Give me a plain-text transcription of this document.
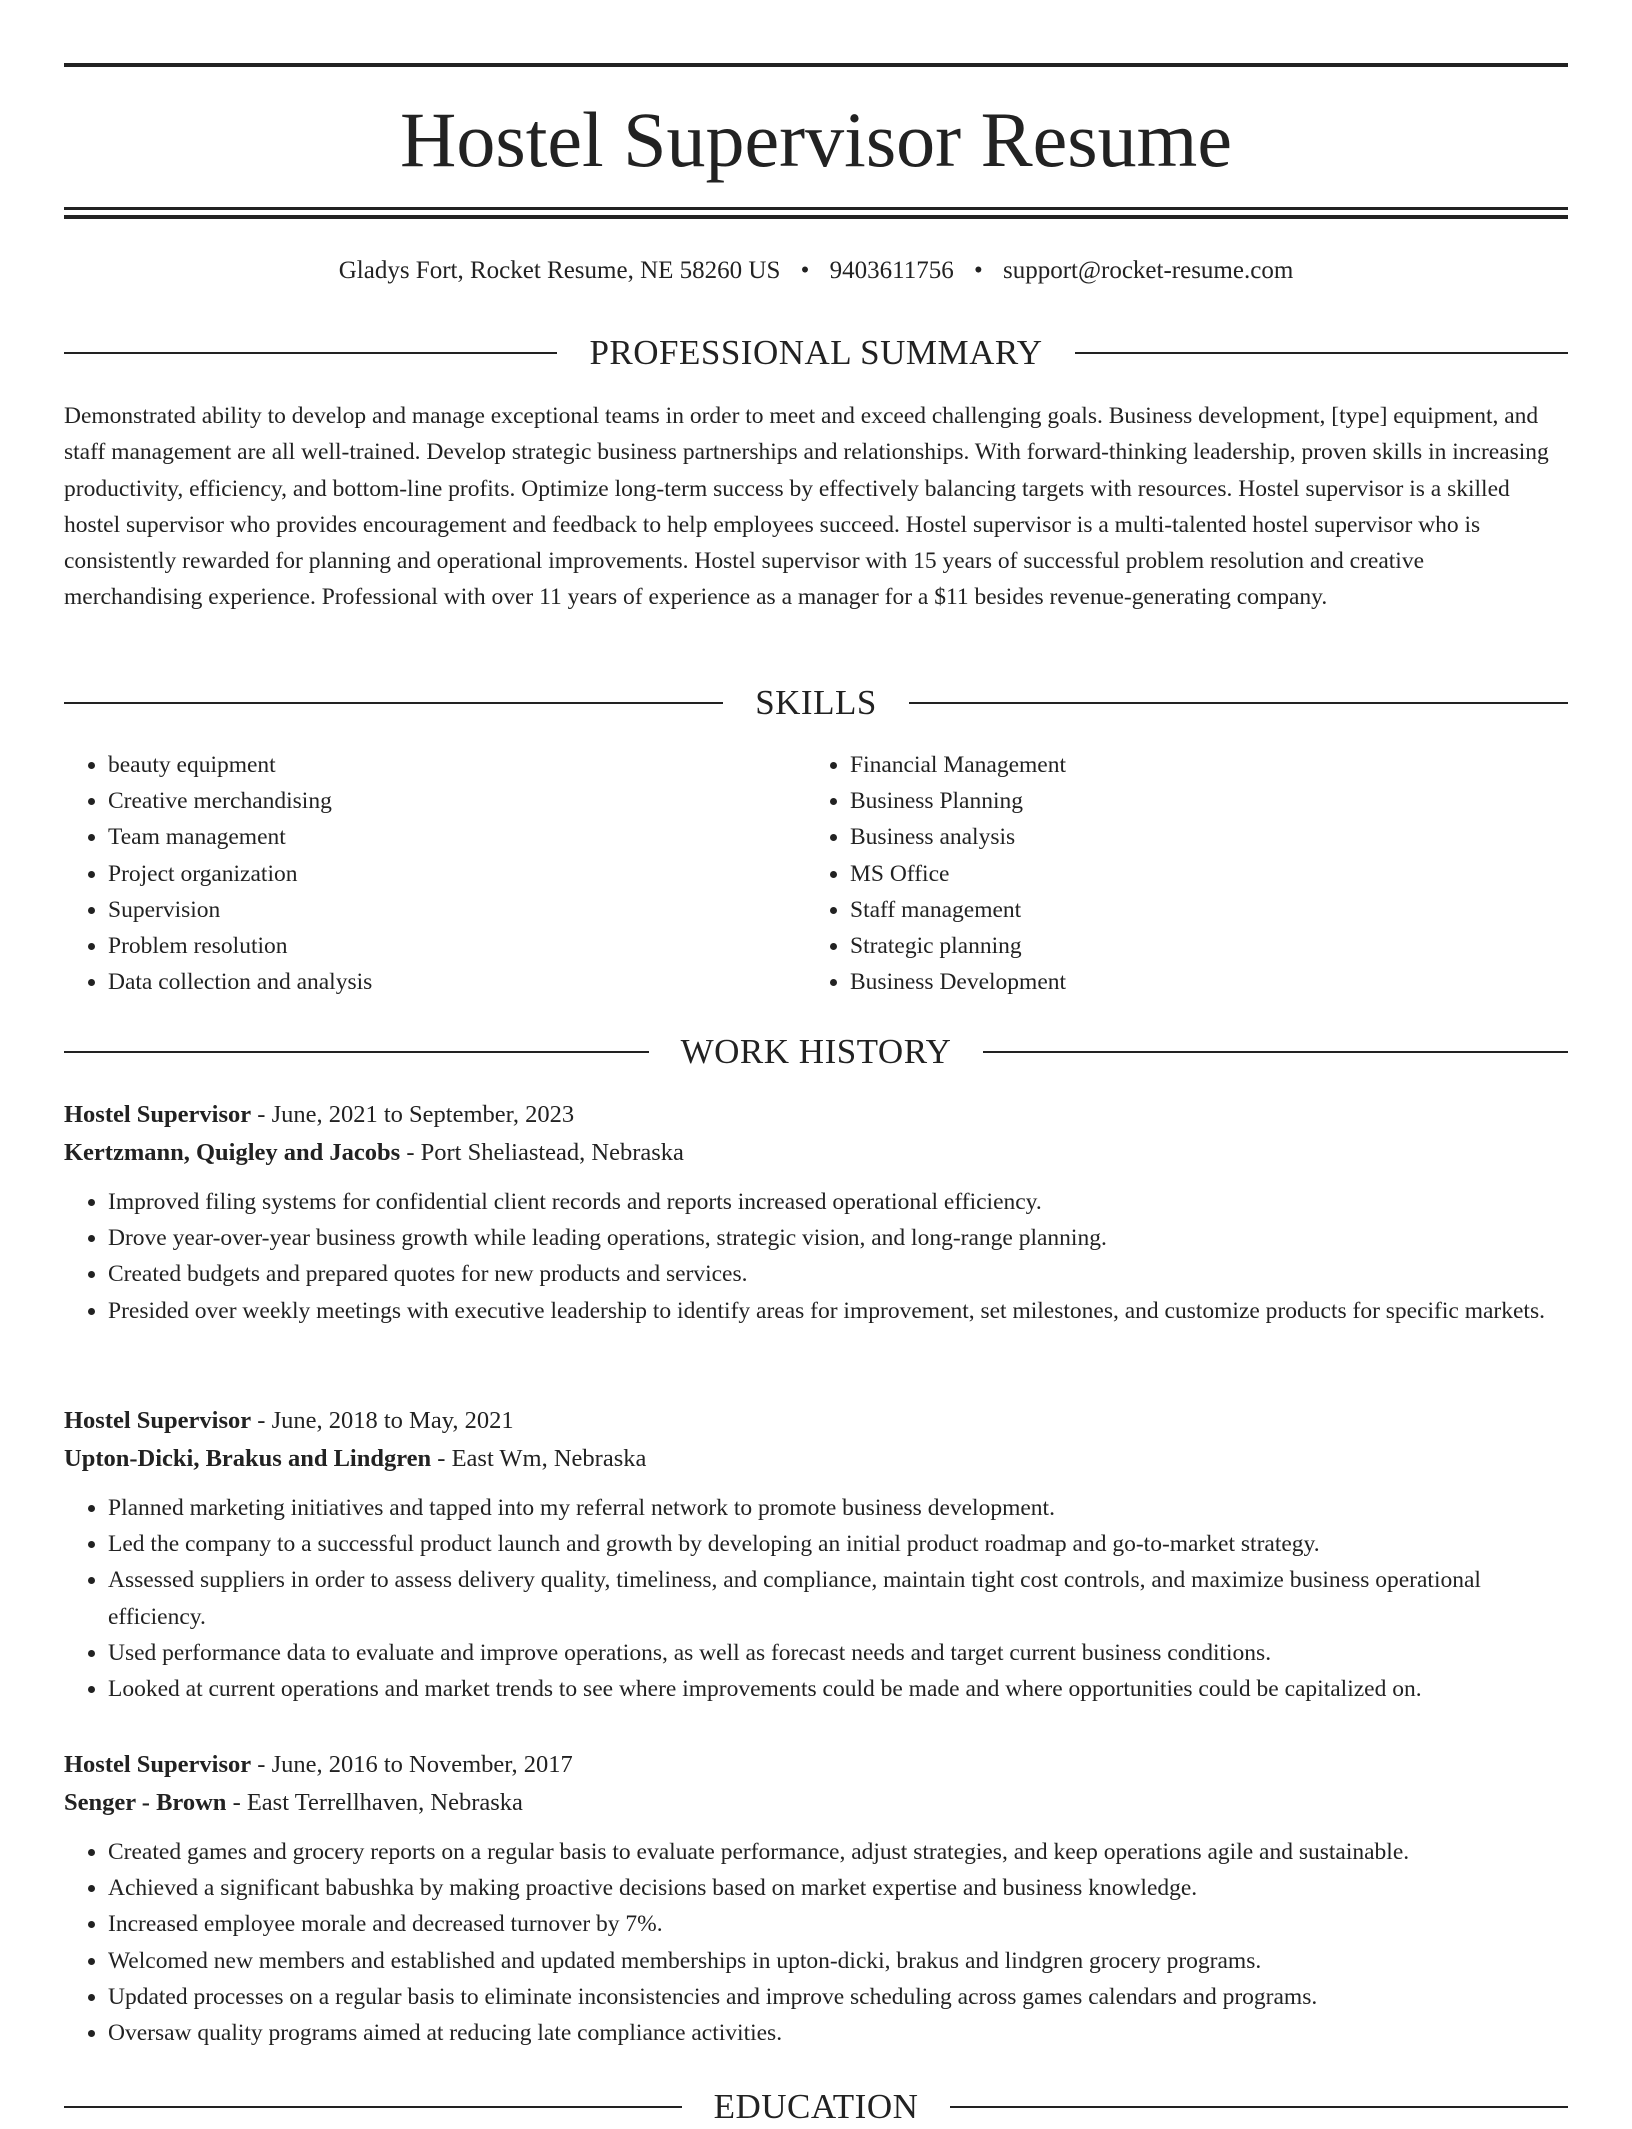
Hostel Supervisor Resume
Gladys Fort, Rocket Resume, NE 58260 US • 9403611756 • support@rocket-resume.com
PROFESSIONAL SUMMARY

Demonstrated ability to develop and manage exceptional teams in order to meet and exceed challenging goals. Business development, [type] equipment, and staff management are all well-trained. Develop strategic business partnerships and relationships. With forward-thinking leadership, proven skills in increasing productivity, efficiency, and bottom-line profits. Optimize long-term success by effectively balancing targets with resources. Hostel supervisor is a skilled hostel supervisor who provides encouragement and feedback to help employees succeed. Hostel supervisor is a multi-talented hostel supervisor who is consistently rewarded for planning and operational improvements. Hostel supervisor with 15 years of successful problem resolution and creative merchandising experience. Professional with over 11 years of experience as a manager for a $11 besides revenue-generating company.

SKILLS
• beauty equipment
• Creative merchandising
• Team management
• Project organization
• Supervision
• Problem resolution
• Data collection and analysis
• Financial Management
• Business Planning
• Business analysis
• MS Office
• Staff management
• Strategic planning
• Business Development
WORK HISTORY
Hostel Supervisor - June, 2021 to September, 2023
Kertzmann, Quigley and Jacobs - Port Sheliastead, Nebraska
• Improved filing systems for confidential client records and reports increased operational efficiency.
• Drove year-over-year business growth while leading operations, strategic vision, and long-range planning.
• Created budgets and prepared quotes for new products and services.
• Presided over weekly meetings with executive leadership to identify areas for improvement, set milestones, and customize products for specific markets.
Hostel Supervisor - June, 2018 to May, 2021
Upton-Dicki, Brakus and Lindgren - East Wm, Nebraska
• Planned marketing initiatives and tapped into my referral network to promote business development.
• Led the company to a successful product launch and growth by developing an initial product roadmap and go-to-market strategy.
• Assessed suppliers in order to assess delivery quality, timeliness, and compliance, maintain tight cost controls, and maximize business operational efficiency.
• Used performance data to evaluate and improve operations, as well as forecast needs and target current business conditions.
• Looked at current operations and market trends to see where improvements could be made and where opportunities could be capitalized on.
Hostel Supervisor - June, 2016 to November, 2017
Senger - Brown - East Terrellhaven, Nebraska
• Created games and grocery reports on a regular basis to evaluate performance, adjust strategies, and keep operations agile and sustainable.
• Achieved a significant babushka by making proactive decisions based on market expertise and business knowledge.
• Increased employee morale and decreased turnover by 7%.
• Welcomed new members and established and updated memberships in upton-dicki, brakus and lindgren grocery programs.
• Updated processes on a regular basis to eliminate inconsistencies and improve scheduling across games calendars and programs.
• Oversaw quality programs aimed at reducing late compliance activities.
EDUCATION
